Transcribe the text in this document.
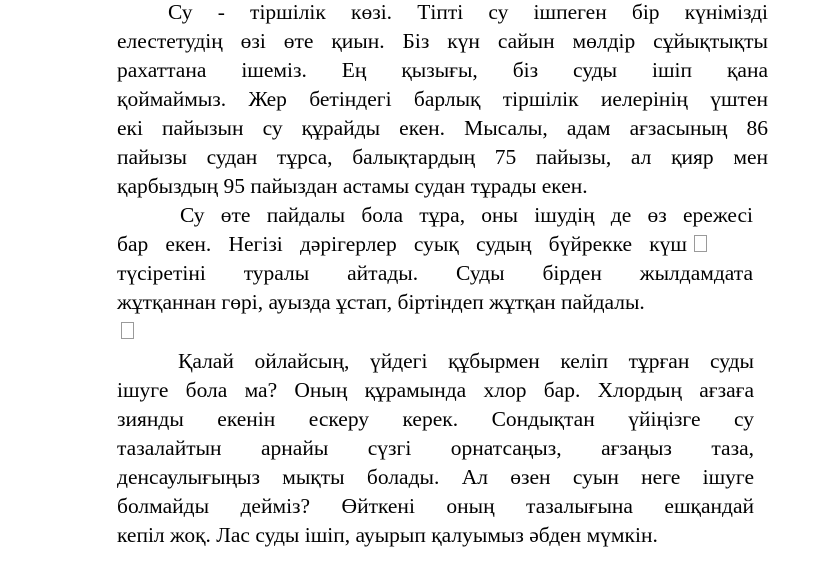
Су - тіршілік көзі. Тіпті су ішпеген бір күнімізді
елестетудің өзі өте қиын. Біз күн сайын мөлдір сұйықтықты
рахаттана ішеміз. Ең қызығы, біз суды ішіп қана
қоймаймыз. Жер бетіндегі барлық тіршілік иелерінің үштен
екі пайызын су құрайды екен. Мысалы, адам ағзасының 86
пайызы судан тұрса, балықтардың 75 пайызы, ал қияр мен
қарбыздың 95 пайыздан астамы судан тұрады екен.
Су өте пайдалы бола тұра, оны ішудің де өз ережесі
бар екен. Негізі дәрігерлер суық судың бүйрекке күш
түсіретіні туралы айтады. Суды бірден жылдамдата
жұтқаннан гөрі, ауызда ұстап, біртіндеп жұтқан пайдалы.
Қалай ойлайсың, үйдегі құбырмен келіп тұрған суды
ішуге бола ма? Оның құрамында хлор бар. Хлордың ағзаға
зиянды екенін ескеру керек. Сондықтан үйіңізге су
тазалайтын арнайы сүзгі орнатсаңыз, ағзаңыз таза,
денсаулығыңыз мықты болады. Ал өзен суын неге ішуге
болмайды дейміз? Өйткені оның тазалығына ешқандай
кепіл жоқ. Лас суды ішіп, ауырып қалуымыз әбден мүмкін.
